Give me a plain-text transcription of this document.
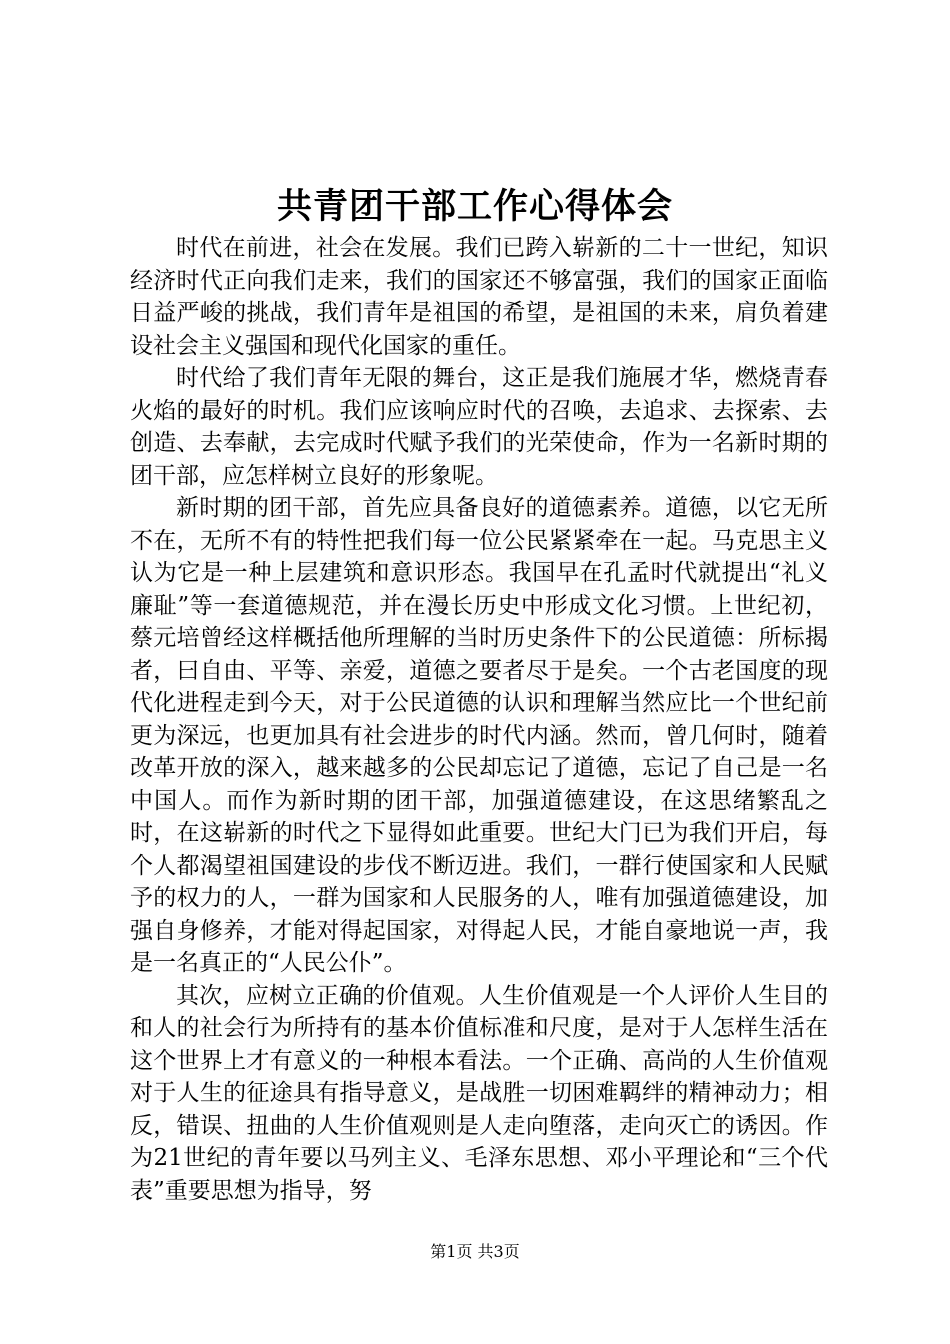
共青团干部工作心得体会

时代在前进，社会在发展。我们已跨入崭新的二十一世纪，知识经济时代正向我们走来，我们的国家还不够富强，我们的国家正面临日益严峻的挑战，我们青年是祖国的希望，是祖国的未来，肩负着建设社会主义强国和现代化国家的重任。

时代给了我们青年无限的舞台，这正是我们施展才华，燃烧青春火焰的最好的时机。我们应该响应时代的召唤，去追求、去探索、去创造、去奉献，去完成时代赋予我们的光荣使命，作为一名新时期的团干部，应怎样树立良好的形象呢。

新时期的团干部，首先应具备良好的道德素养。道德，以它无所不在，无所不有的特性把我们每一位公民紧紧牵在一起。马克思主义认为它是一种上层建筑和意识形态。我国早在孔孟时代就提出“礼义廉耻”等一套道德规范，并在漫长历史中形成文化习惯。上世纪初，蔡元培曾经这样概括他所理解的当时历史条件下的公民道德：所标揭者，曰自由、平等、亲爱，道德之要者尽于是矣。一个古老国度的现代化进程走到今天，对于公民道德的认识和理解当然应比一个世纪前更为深远，也更加具有社会进步的时代内涵。然而，曾几何时，随着改革开放的深入，越来越多的公民却忘记了道德，忘记了自己是一名中国人。而作为新时期的团干部，加强道德建设，在这思绪繁乱之时，在这崭新的时代之下显得如此重要。世纪大门已为我们开启，每个人都渴望祖国建设的步伐不断迈进。我们，一群行使国家和人民赋予的权力的人，一群为国家和人民服务的人，唯有加强道德建设，加强自身修养，才能对得起国家，对得起人民，才能自豪地说一声，我是一名真正的“人民公仆”。

其次，应树立正确的价值观。人生价值观是一个人评价人生目的和人的社会行为所持有的基本价值标准和尺度，是对于人怎样生活在这个世界上才有意义的一种根本看法。一个正确、高尚的人生价值观对于人生的征途具有指导意义，是战胜一切困难羁绊的精神动力；相反，错误、扭曲的人生价值观则是人走向堕落，走向灭亡的诱因。作为21世纪的青年要以马列主义、毛泽东思想、邓小平理论和“三个代表”重要思想为指导，努

第1页 共3页
